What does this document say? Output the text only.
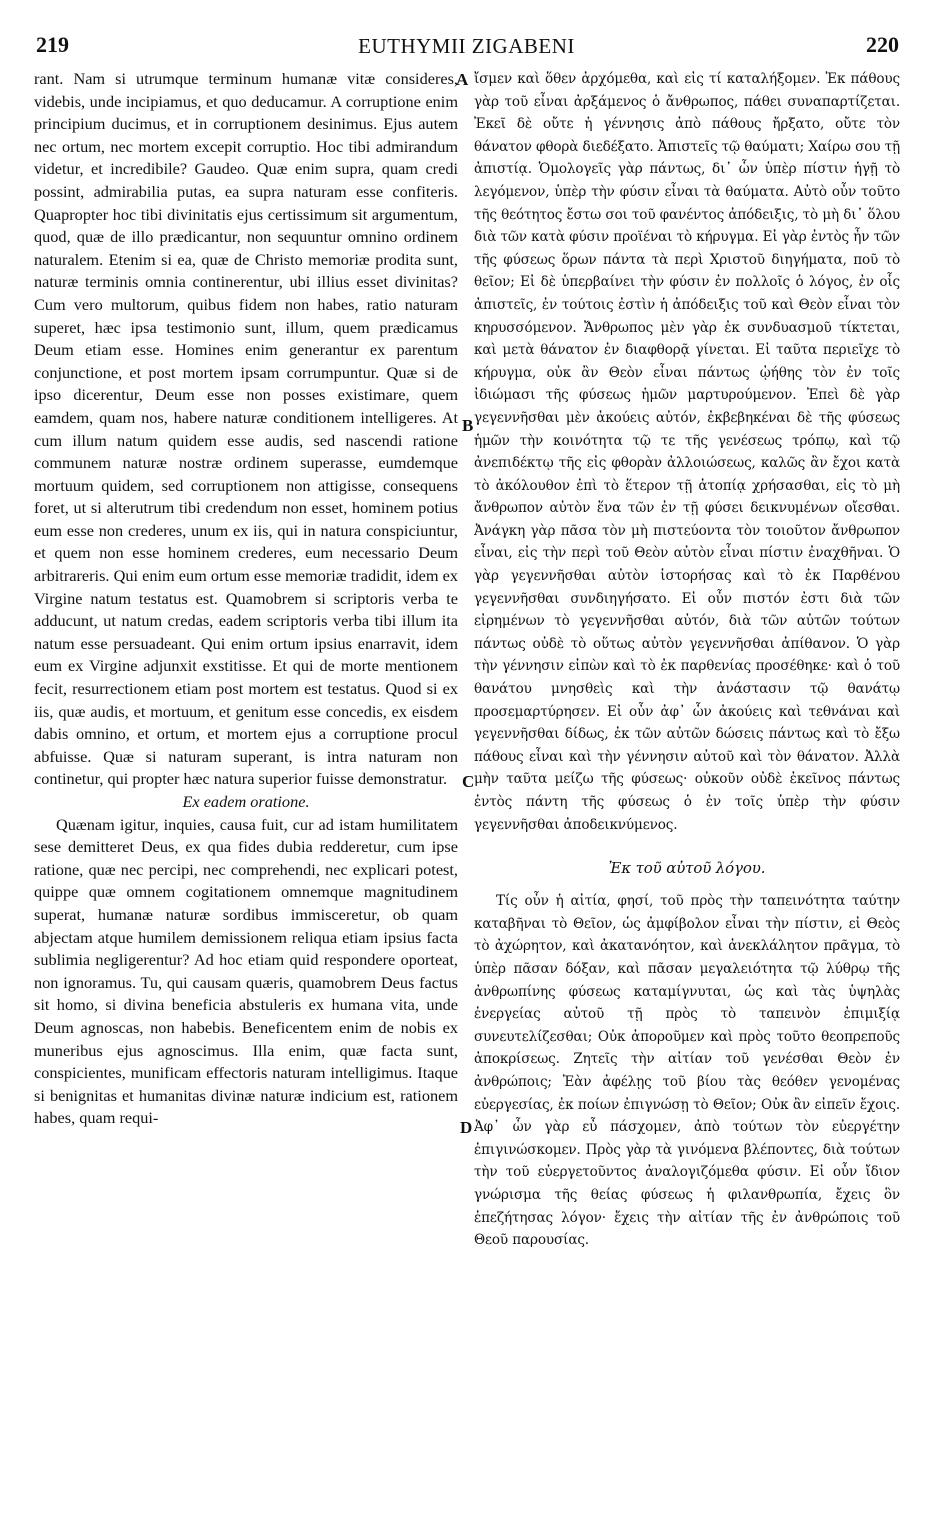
219	EUTHYMII ZIGABENI	220

rant. Nam si utrumque terminum humanæ vitæ consideres, videbis, unde incipiamus, et quo deducamur. A corruptione enim principium ducimus, et in corruptionem desinimus. Ejus autem nec ortum, nec mortem excepit corruptio. Hoc tibi admirandum videtur, et incredibile? Gaudeo. Quæ enim supra, quam credi possint, admirabilia putas, ea supra naturam esse confiteris. Quapropter hoc tibi divinitatis ejus certissimum sit argumentum, quod, quæ de illo prædicantur, non sequuntur omnino ordinem naturalem. Etenim si ea, quæ de Christo memoriæ prodita sunt, naturæ terminis omnia continerentur, ubi illius esset divinitas? Cum vero multorum, quibus fidem non habes, ratio naturam superet, hæc ipsa testimonio sunt, illum, quem prædicamus Deum etiam esse. Homines enim generantur ex parentum conjunctione, et post mortem ipsam corrumpuntur. Quæ si de ipso dicerentur, Deum esse non posses existimare, quem eamdem, quam nos, habere naturæ conditionem intelligeres. At cum illum natum quidem esse audis, sed nascendi ratione communem naturæ nostræ ordinem superasse, eumdemque mortuum quidem, sed corruptionem non attigisse, consequens foret, ut si alterutrum tibi credendum non esset, hominem potius eum esse non crederes, unum ex iis, qui in natura conspiciuntur, et quem non esse hominem crederes, eum necessario Deum arbitrareris. Qui enim eum ortum esse memoriæ tradidit, idem ex Virgine natum testatus est. Quamobrem si scriptoris verba te adducunt, ut natum credas, eadem scriptoris verba tibi illum ita natum esse persuadeant. Qui enim ortum ipsius enarravit, idem eum ex Virgine adjunxit exstitisse. Et qui de morte mentionem fecit, resurrectionem etiam post mortem est testatus. Quod si ex iis, quæ audis, et mortuum, et genitum esse concedis, ex eisdem dabis omnino, et ortum, et mortem ejus a corruptione procul abfuisse. Quæ si naturam superant, is intra naturam non continetur, qui propter hæc natura superior fuisse demonstratur.

Ex eadem oratione.

Quænam igitur, inquies, causa fuit, cur ad istam humilitatem sese demitteret Deus, ex qua fides dubia redderetur, cum ipse ratione, quæ nec percipi, nec comprehendi, nec explicari potest, quippe quæ omnem cogitationem omnemque magnitudinem superat, humanæ naturæ sordibus immisceretur, ob quam abjectam atque humilem demissionem reliqua etiam ipsius facta sublimia negligerentur? Ad hoc etiam quid respondere oporteat, non ignoramus. Tu, qui causam quæris, quamobrem Deus factus sit homo, si divina beneficia abstuleris ex humana vita, unde Deum agnoscas, non habebis. Beneficentem enim de nobis ex muneribus ejus agnoscimus. Illa enim, quæ facta sunt, conspicientes, munificam effectoris naturam intelligimus. Itaque si benignitas et humanitas divinæ naturæ indicium est, rationem habes, quam requi-

A
B
C
D

ἴσμεν καὶ ὅθεν ἀρχόμεθα, καὶ εἰς τί καταλήξομεν. Ἐκ πάθους γὰρ τοῦ εἶναι ἀρξάμενος ὁ ἄνθρωπος, πάθει συναπαρτίζεται. Ἐκεῖ δὲ οὔτε ἡ γέννησις ἀπὸ πάθους ἤρξατο, οὔτε τὸν θάνατον φθορὰ διεδέξατο. Ἀπιστεῖς τῷ θαύματι; Χαίρω σου τῇ ἀπιστίᾳ. Ὁμολογεῖς γὰρ πάντως, δι᾽ ὧν ὑπὲρ πίστιν ἡγῇ τὸ λεγόμενον, ὑπὲρ τὴν φύσιν εἶναι τὰ θαύματα. Αὐτὸ οὖν τοῦτο τῆς θεότητος ἔστω σοι τοῦ φανέντος ἀπόδειξις, τὸ μὴ δι᾽ ὅλου διὰ τῶν κατὰ φύσιν προϊέναι τὸ κήρυγμα. Εἰ γὰρ ἐντὸς ἦν τῶν τῆς φύσεως ὅρων πάντα τὰ περὶ Χριστοῦ διηγήματα, ποῦ τὸ θεῖον; Εἰ δὲ ὑπερβαίνει τὴν φύσιν ἐν πολλοῖς ὁ λόγος, ἐν οἷς ἀπιστεῖς, ἐν τούτοις ἐστὶν ἡ ἀπόδειξις τοῦ καὶ Θεὸν εἶναι τὸν κηρυσσόμενον. Ἄνθρωπος μὲν γὰρ ἐκ συνδυασμοῦ τίκτεται, καὶ μετὰ θάνατον ἐν διαφθορᾷ γίνεται. Εἰ ταῦτα περιεῖχε τὸ κήρυγμα, οὐκ ἂν Θεὸν εἶναι πάντως ᾠήθης τὸν ἐν τοῖς ἰδιώμασι τῆς φύσεως ἡμῶν μαρτυρούμενον. Ἐπεὶ δὲ γὰρ γεγεννῆσθαι μὲν ἀκούεις αὐτόν, ἐκβεβηκέναι δὲ τῆς φύσεως ἡμῶν τὴν κοινότητα τῷ τε τῆς γενέσεως τρόπῳ, καὶ τῷ ἀνεπιδέκτῳ τῆς εἰς φθορὰν ἀλλοιώσεως, καλῶς ἂν ἔχοι κατὰ τὸ ἀκόλουθον ἐπὶ τὸ ἕτερον τῇ ἀτοπίᾳ χρήσασθαι, εἰς τὸ μὴ ἄνθρωπον αὐτὸν ἕνα τῶν ἐν τῇ φύσει δεικνυμένων οἴεσθαι. Ἀνάγκη γὰρ πᾶσα τὸν μὴ πιστεύοντα τὸν τοιοῦτον ἄνθρωπον εἶναι, εἰς τὴν περὶ τοῦ Θεὸν αὐτὸν εἶναι πίστιν ἐναχθῆναι. Ὁ γὰρ γεγεννῆσθαι αὐτὸν ἱστορήσας καὶ τὸ ἐκ Παρθένου γεγεννῆσθαι συνδιηγήσατο. Εἰ οὖν πιστόν ἐστι διὰ τῶν εἰρημένων τὸ γεγεννῆσθαι αὐτόν, διὰ τῶν αὐτῶν τούτων πάντως οὐδὲ τὸ οὕτως αὐτὸν γεγεννῆσθαι ἀπίθανον. Ὁ γὰρ τὴν γέννησιν εἰπὼν καὶ τὸ ἐκ παρθενίας προσέθηκε· καὶ ὁ τοῦ θανάτου μνησθεὶς καὶ τὴν ἀνάστασιν τῷ θανάτῳ προσεμαρτύρησεν. Εἰ οὖν ἀφ᾽ ὧν ἀκούεις καὶ τεθνάναι καὶ γεγεννῆσθαι δίδως, ἐκ τῶν αὐτῶν δώσεις πάντως καὶ τὸ ἔξω πάθους εἶναι καὶ τὴν γέννησιν αὐτοῦ καὶ τὸν θάνατον. Ἀλλὰ μὴν ταῦτα μείζω τῆς φύσεως· οὐκοῦν οὐδὲ ἐκεῖνος πάντως ἐντὸς πάντη τῆς φύσεως ὁ ἐν τοῖς ὑπὲρ τὴν φύσιν γεγεννῆσθαι ἀποδεικνύμενος.

Ἐκ τοῦ αὐτοῦ λόγου.

Τίς οὖν ἡ αἰτία, φησί, τοῦ πρὸς τὴν ταπεινότητα ταύτην καταβῆναι τὸ Θεῖον, ὡς ἀμφίβολον εἶναι τὴν πίστιν, εἰ Θεὸς τὸ ἀχώρητον, καὶ ἀκατανόητον, καὶ ἀνεκλάλητον πρᾶγμα, τὸ ὑπὲρ πᾶσαν δόξαν, καὶ πᾶσαν μεγαλειότητα τῷ λύθρῳ τῆς ἀνθρωπίνης φύσεως καταμίγνυται, ὡς καὶ τὰς ὑψηλὰς ἐνεργείας αὐτοῦ τῇ πρὸς τὸ ταπεινὸν ἐπιμιξίᾳ συνευτελίζεσθαι; Οὐκ ἀποροῦμεν καὶ πρὸς τοῦτο θεοπρεποῦς ἀποκρίσεως. Ζητεῖς τὴν αἰτίαν τοῦ γενέσθαι Θεὸν ἐν ἀνθρώποις; Ἐὰν ἀφέλῃς τοῦ βίου τὰς θεόθεν γενομένας εὐεργεσίας, ἐκ ποίων ἐπιγνώσῃ τὸ Θεῖον; Οὐκ ἂν εἰπεῖν ἔχοις. Ἀφ᾽ ὧν γὰρ εὖ πάσχομεν, ἀπὸ τούτων τὸν εὐεργέτην ἐπιγινώσκομεν. Πρὸς γὰρ τὰ γινόμενα βλέποντες, διὰ τούτων τὴν τοῦ εὐεργετοῦντος ἀναλογιζόμεθα φύσιν. Εἰ οὖν ἴδιον γνώρισμα τῆς θείας φύσεως ἡ φιλανθρωπία, ἔχεις ὃν ἐπεζήτησας λόγον· ἔχεις τὴν αἰτίαν τῆς ἐν ἀνθρώποις τοῦ Θεοῦ παρουσίας.
